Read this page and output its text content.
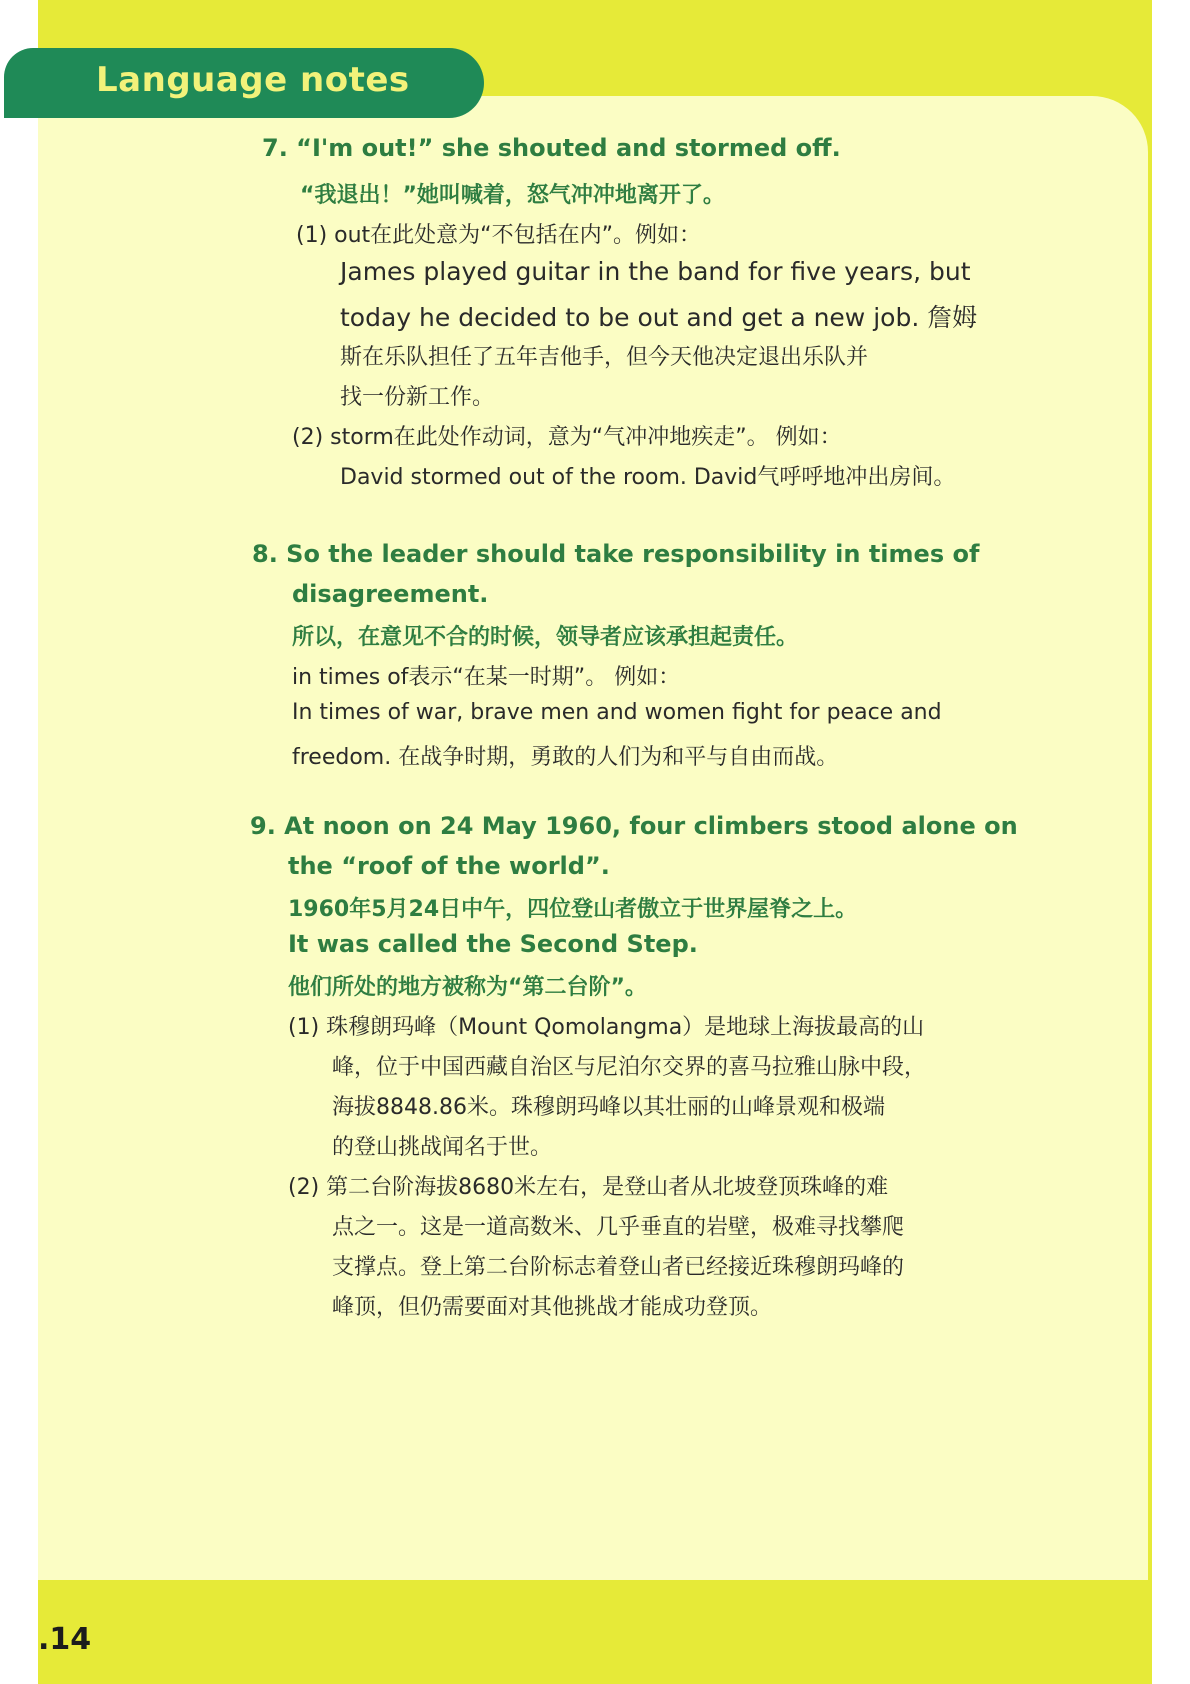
Language notes
7. “I'm out!” she shouted and stormed off.
“我退出！”她叫喊着，怒气冲冲地离开了。
(1) out在此处意为“不包括在内”。例如：
James played guitar in the band for five years, but
today he decided to be out and get a new job. 詹姆
斯在乐队担任了五年吉他手，但今天他决定退出乐队并
找一份新工作。
(2) storm在此处作动词，意为“气冲冲地疾走”。 例如：
David stormed out of the room. David气呼呼地冲出房间。
8. So the leader should take responsibility in times of
disagreement.
所以，在意见不合的时候，领导者应该承担起责任。
in times of表示“在某一时期”。 例如：
In times of war, brave men and women fight for peace and
freedom. 在战争时期，勇敢的人们为和平与自由而战。
9. At noon on 24 May 1960, four climbers stood alone on
the “roof of the world”.
1960年5月24日中午，四位登山者傲立于世界屋脊之上。
It was called the Second Step.
他们所处的地方被称为“第二台阶”。
(1) 珠穆朗玛峰（Mount Qomolangma）是地球上海拔最高的山
峰，位于中国西藏自治区与尼泊尔交界的喜马拉雅山脉中段，
海拔8848.86米。珠穆朗玛峰以其壮丽的山峰景观和极端
的登山挑战闻名于世。
(2) 第二台阶海拔8680米左右，是登山者从北坡登顶珠峰的难
点之一。这是一道高数米、几乎垂直的岩壁，极难寻找攀爬
支撑点。登上第二台阶标志着登山者已经接近珠穆朗玛峰的
峰顶，但仍需要面对其他挑战才能成功登顶。
.14
